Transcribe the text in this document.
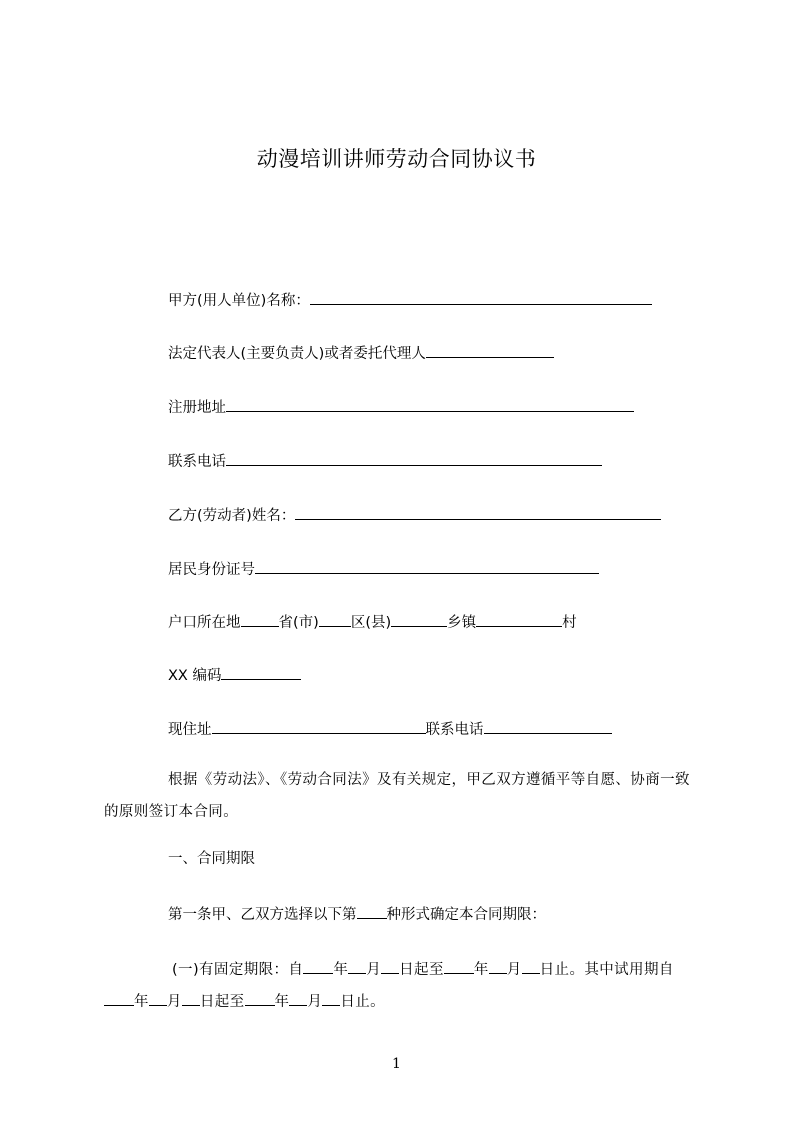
动漫培训讲师劳动合同协议书
甲方(用人单位)名称：
法定代表人(主要负责人)或者委托代理人
注册地址
联系电话
乙方(劳动者)姓名：
居民身份证号
户口所在地	省(市) 区(县)	乡镇	村
XX 编码
现住址	联系电话
根据《劳动法》、《劳动合同法》及有关规定，甲乙双方遵循平等自愿、协商一致的原则签订本合同。
一、合同期限
第一条甲、乙双方选择以下第 种形式确定本合同期限：
(一)有固定期限：自 年 月 日起至 年 月 日止。其中试用期自
年 月 日起至 年 月 日止。
1
